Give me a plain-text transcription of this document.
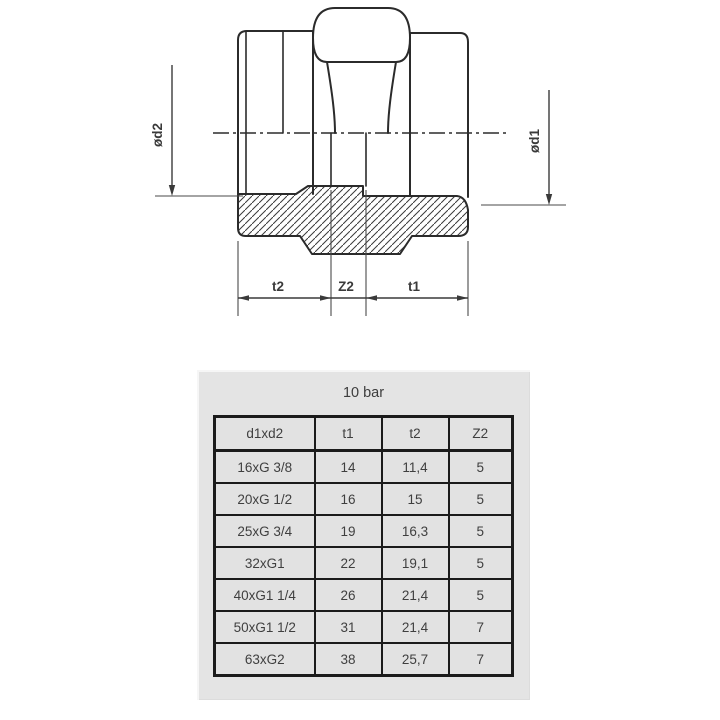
ød2	ød1
t2	Z2	t1
10 bar
d1xd2	t1	t2	Z2
16xG 3/8	14	11,4	5
20xG 1/2	16	15	5
25xG 3/4	19	16,3	5
32xG1	22	19,1	5
40xG1 1/4	26	21,4	5
50xG1 1/2	31	21,4	7
63xG2	38	25,7	7
